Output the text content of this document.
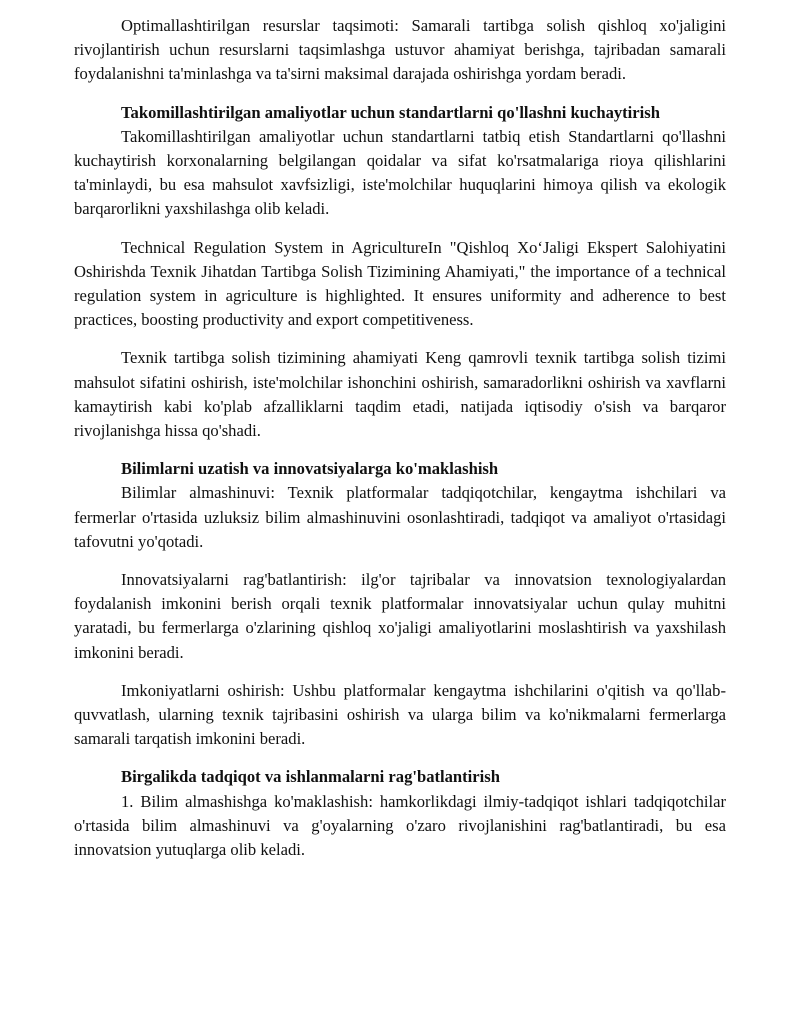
Optimallashtirilgan resurslar taqsimoti: Samarali tartibga solish qishloq xo'jaligini rivojlantirish uchun resurslarni taqsimlashga ustuvor ahamiyat berishga, tajribadan samarali foydalanishni ta'minlashga va ta'sirni maksimal darajada oshirishga yordam beradi.

Takomillashtirilgan amaliyotlar uchun standartlarni qo'llashni kuchaytirish

Takomillashtirilgan amaliyotlar uchun standartlarni tatbiq etish Standartlarni qo'llashni kuchaytirish korxonalarning belgilangan qoidalar va sifat ko'rsatmalariga rioya qilishlarini ta'minlaydi, bu esa mahsulot xavfsizligi, iste'molchilar huquqlarini himoya qilish va ekologik barqarorlikni yaxshilashga olib keladi.

Technical Regulation System in AgricultureIn "Qishloq Xo‘Jaligi Ekspert Salohiyatini Oshirishda Texnik Jihatdan Tartibga Solish Tizimining Ahamiyati," the importance of a technical regulation system in agriculture is highlighted. It ensures uniformity and adherence to best practices, boosting productivity and export competitiveness.

Texnik tartibga solish tizimining ahamiyati Keng qamrovli texnik tartibga solish tizimi mahsulot sifatini oshirish, iste'molchilar ishonchini oshirish, samaradorlikni oshirish va xavflarni kamaytirish kabi ko'plab afzalliklarni taqdim etadi, natijada iqtisodiy o'sish va barqaror rivojlanishga hissa qo'shadi.

Bilimlarni uzatish va innovatsiyalarga ko'maklashish

Bilimlar almashinuvi: Texnik platformalar tadqiqotchilar, kengaytma ishchilari va fermerlar o'rtasida uzluksiz bilim almashinuvini osonlashtiradi, tadqiqot va amaliyot o'rtasidagi tafovutni yo'qotadi.

Innovatsiyalarni rag'batlantirish: ilg'or tajribalar va innovatsion texnologiyalardan foydalanish imkonini berish orqali texnik platformalar innovatsiyalar uchun qulay muhitni yaratadi, bu fermerlarga o'zlarining qishloq xo'jaligi amaliyotlarini moslashtirish va yaxshilash imkonini beradi.

Imkoniyatlarni oshirish: Ushbu platformalar kengaytma ishchilarini o'qitish va qo'llab-quvvatlash, ularning texnik tajribasini oshirish va ularga bilim va ko'nikmalarni fermerlarga samarali tarqatish imkonini beradi.

Birgalikda tadqiqot va ishlanmalarni rag'batlantirish

1. Bilim almashishga ko'maklashish: hamkorlikdagi ilmiy-tadqiqot ishlari tadqiqotchilar o'rtasida bilim almashinuvi va g'oyalarning o'zaro rivojlanishini rag'batlantiradi, bu esa innovatsion yutuqlarga olib keladi.
